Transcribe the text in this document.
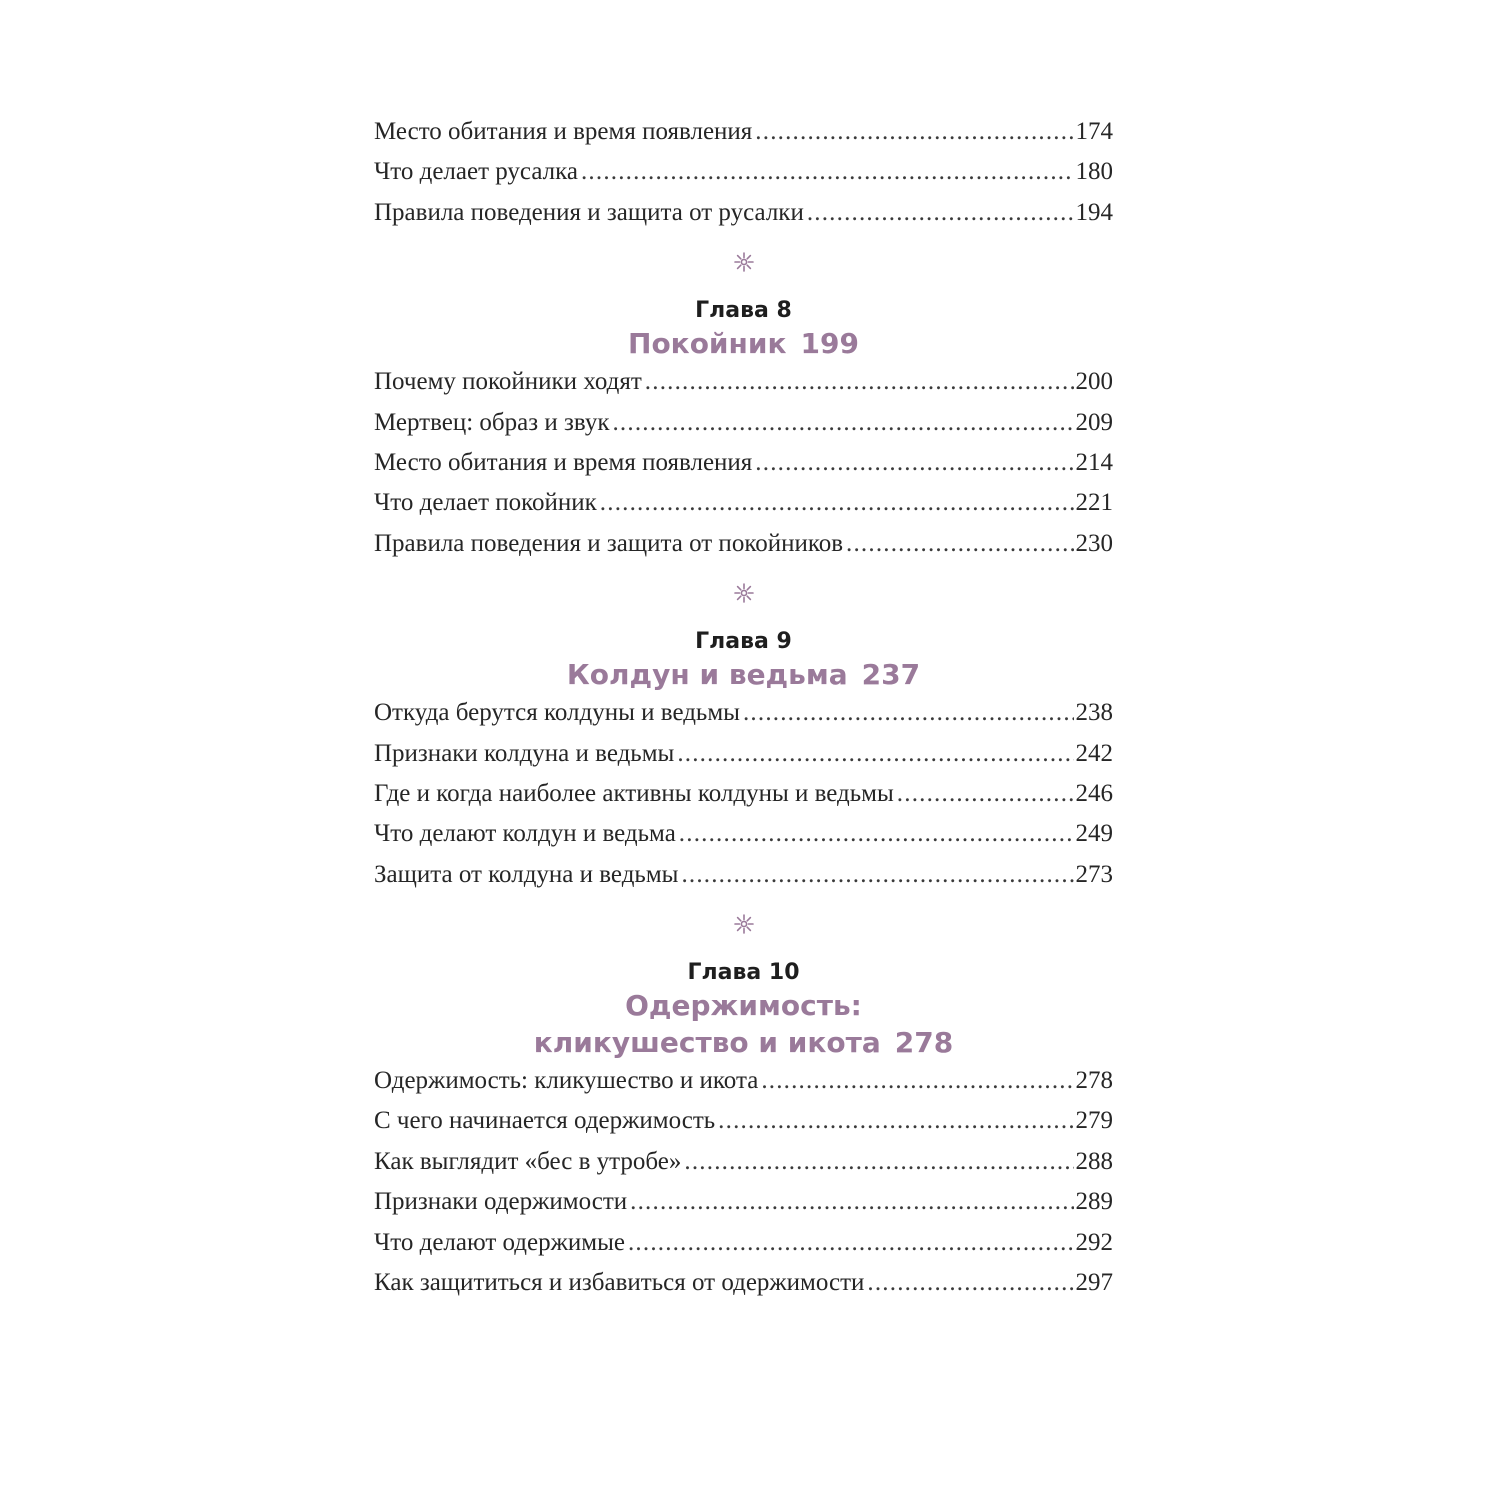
Место обитания и время появления .....	174
Что делает русалка .....	180
Правила поведения и защита от русалки .....	194
Глава 8
Покойник 199
Почему покойники ходят .....	200
Мертвец: образ и звук .....	209
Место обитания и время появления .....	214
Что делает покойник .....	221
Правила поведения и защита от покойников .....	230
Глава 9
Колдун и ведьма 237
Откуда берутся колдуны и ведьмы .....	238
Признаки колдуна и ведьмы .....	242
Где и когда наиболее активны колдуны и ведьмы .....	246
Что делают колдун и ведьма .....	249
Защита от колдуна и ведьмы .....	273
Глава 10
Одержимость:
кликушество и икота 278
Одержимость: кликушество и икота .....	278
С чего начинается одержимость .....	279
Как выглядит «бес в утробе» .....	288
Признаки одержимости .....	289
Что делают одержимые .....	292
Как защититься и избавиться от одержимости .....	297
